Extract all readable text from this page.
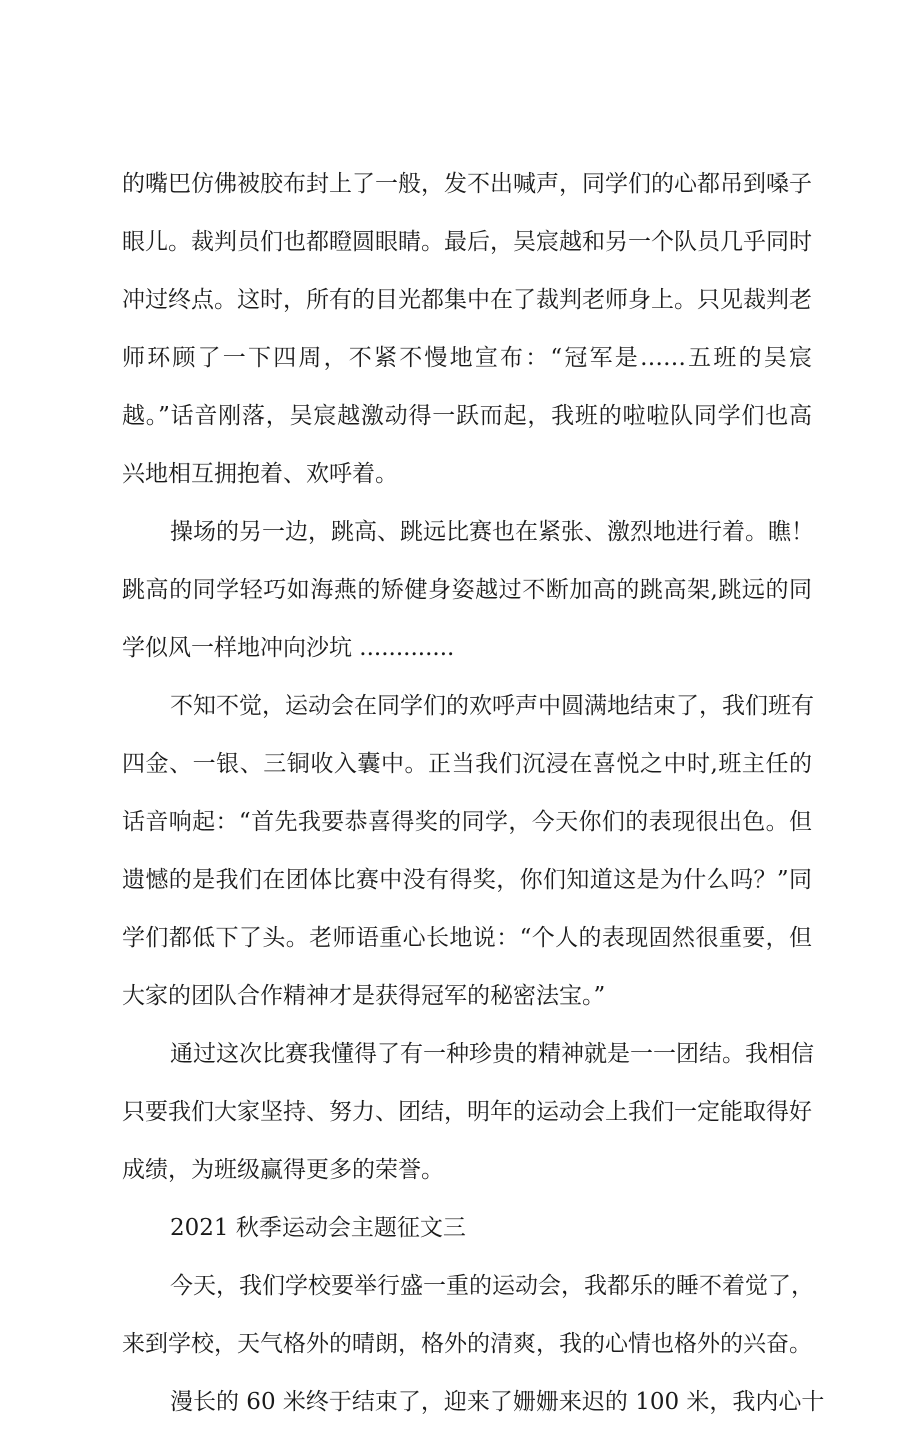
的嘴巴仿佛被胶布封上了一般，发不出喊声，同学们的心都吊到嗓子
眼儿。裁判员们也都瞪圆眼睛。最后，吴宸越和另一个队员几乎同时
冲过终点。这时，所有的目光都集中在了裁判老师身上。只见裁判老
师环顾了一下四周，不紧不慢地宣布：“冠军是……五班的吴宸
越。”话音刚落，吴宸越激动得一跃而起，我班的啦啦队同学们也高
兴地相互拥抱着、欢呼着。
操场的另一边，跳高、跳远比赛也在紧张、激烈地进行着。瞧！
跳高的同学轻巧如海燕的矫健身姿越过不断加高的跳高架,跳远的同
学似风一样地冲向沙坑 .............
不知不觉，运动会在同学们的欢呼声中圆满地结束了，我们班有
四金、一银、三铜收入囊中。正当我们沉浸在喜悦之中时,班主任的
话音响起：“首先我要恭喜得奖的同学，今天你们的表现很出色。但
遗憾的是我们在团体比赛中没有得奖，你们知道这是为什么吗？”同
学们都低下了头。老师语重心长地说：“个人的表现固然很重要，但
大家的团队合作精神才是获得冠军的秘密法宝。”
通过这次比赛我懂得了有一种珍贵的精神就是一一团结。我相信
只要我们大家坚持、努力、团结，明年的运动会上我们一定能取得好
成绩，为班级赢得更多的荣誉。
2021 秋季运动会主题征文三
今天，我们学校要举行盛一重的运动会，我都乐的睡不着觉了，
来到学校，天气格外的晴朗，格外的清爽，我的心情也格外的兴奋。
漫长的 60 米终于结束了，迎来了姗姗来迟的 100 米，我内心十
